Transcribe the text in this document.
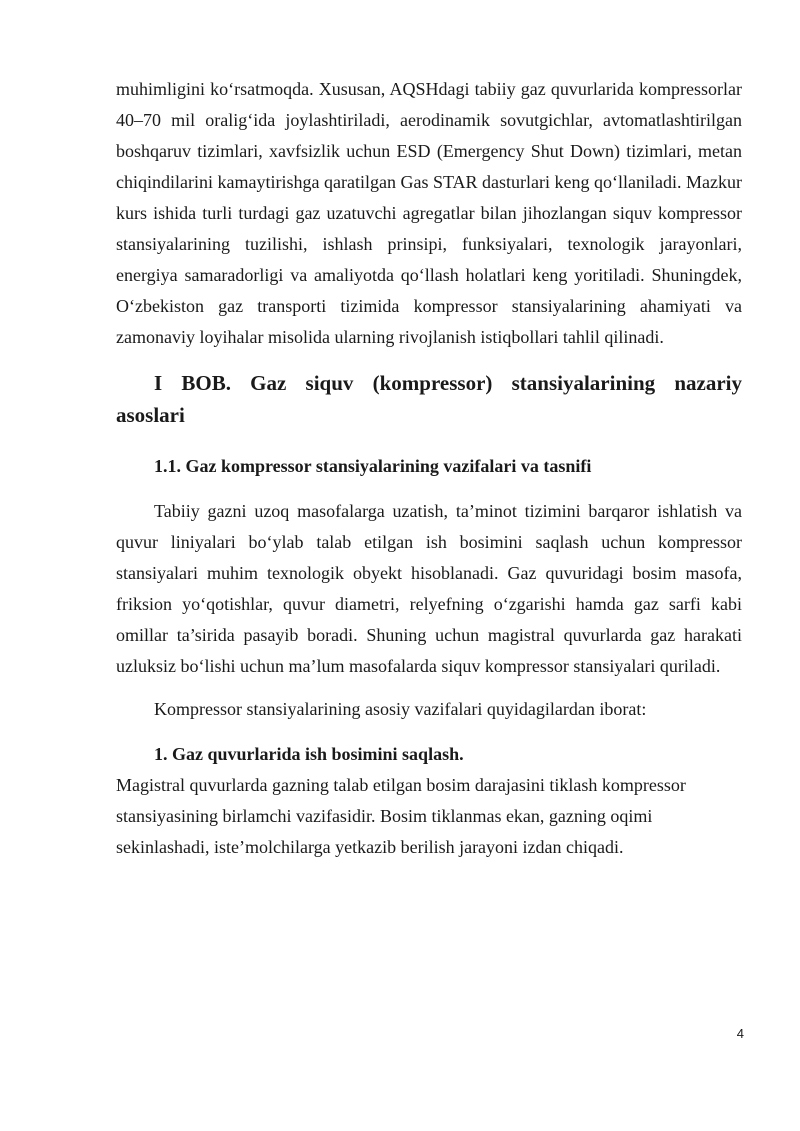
muhimligini ko‘rsatmoqda. Xususan, AQSHdagi tabiiy gaz quvurlarida kompressorlar 40–70 mil oralig‘ida joylashtiriladi, aerodinamik sovutgichlar, avtomatlashtirilgan boshqaruv tizimlari, xavfsizlik uchun ESD (Emergency Shut Down) tizimlari, metan chiqindilarini kamaytirishga qaratilgan Gas STAR dasturlari keng qo‘llaniladi. Mazkur kurs ishida turli turdagi gaz uzatuvchi agregatlar bilan jihozlangan siquv kompressor stansiyalarining tuzilishi, ishlash prinsipi, funksiyalari, texnologik jarayonlari, energiya samaradorligi va amaliyotda qo‘llash holatlari keng yoritiladi. Shuningdek, O‘zbekiston gaz transporti tizimida kompressor stansiyalarining ahamiyati va zamonaviy loyihalar misolida ularning rivojlanish istiqbollari tahlil qilinadi.

I BOB. Gaz siquv (kompressor) stansiyalarining nazariy asoslari

1.1. Gaz kompressor stansiyalarining vazifalari va tasnifi

Tabiiy gazni uzoq masofalarga uzatish, ta’minot tizimini barqaror ishlatish va quvur liniyalari bo‘ylab talab etilgan ish bosimini saqlash uchun kompressor stansiyalari muhim texnologik obyekt hisoblanadi. Gaz quvuridagi bosim masofa, friksion yo‘qotishlar, quvur diametri, relyefning o‘zgarishi hamda gaz sarfi kabi omillar ta’sirida pasayib boradi. Shuning uchun magistral quvurlarda gaz harakati uzluksiz bo‘lishi uchun ma’lum masofalarda siquv kompressor stansiyalari quriladi.

Kompressor stansiyalarining asosiy vazifalari quyidagilardan iborat:

1. Gaz quvurlarida ish bosimini saqlash.

Magistral quvurlarda gazning talab etilgan bosim darajasini tiklash kompressor stansiyasining birlamchi vazifasidir. Bosim tiklanmas ekan, gazning oqimi sekinlashadi, iste’molchilarga yetkazib berilish jarayoni izdan chiqadi.

4
